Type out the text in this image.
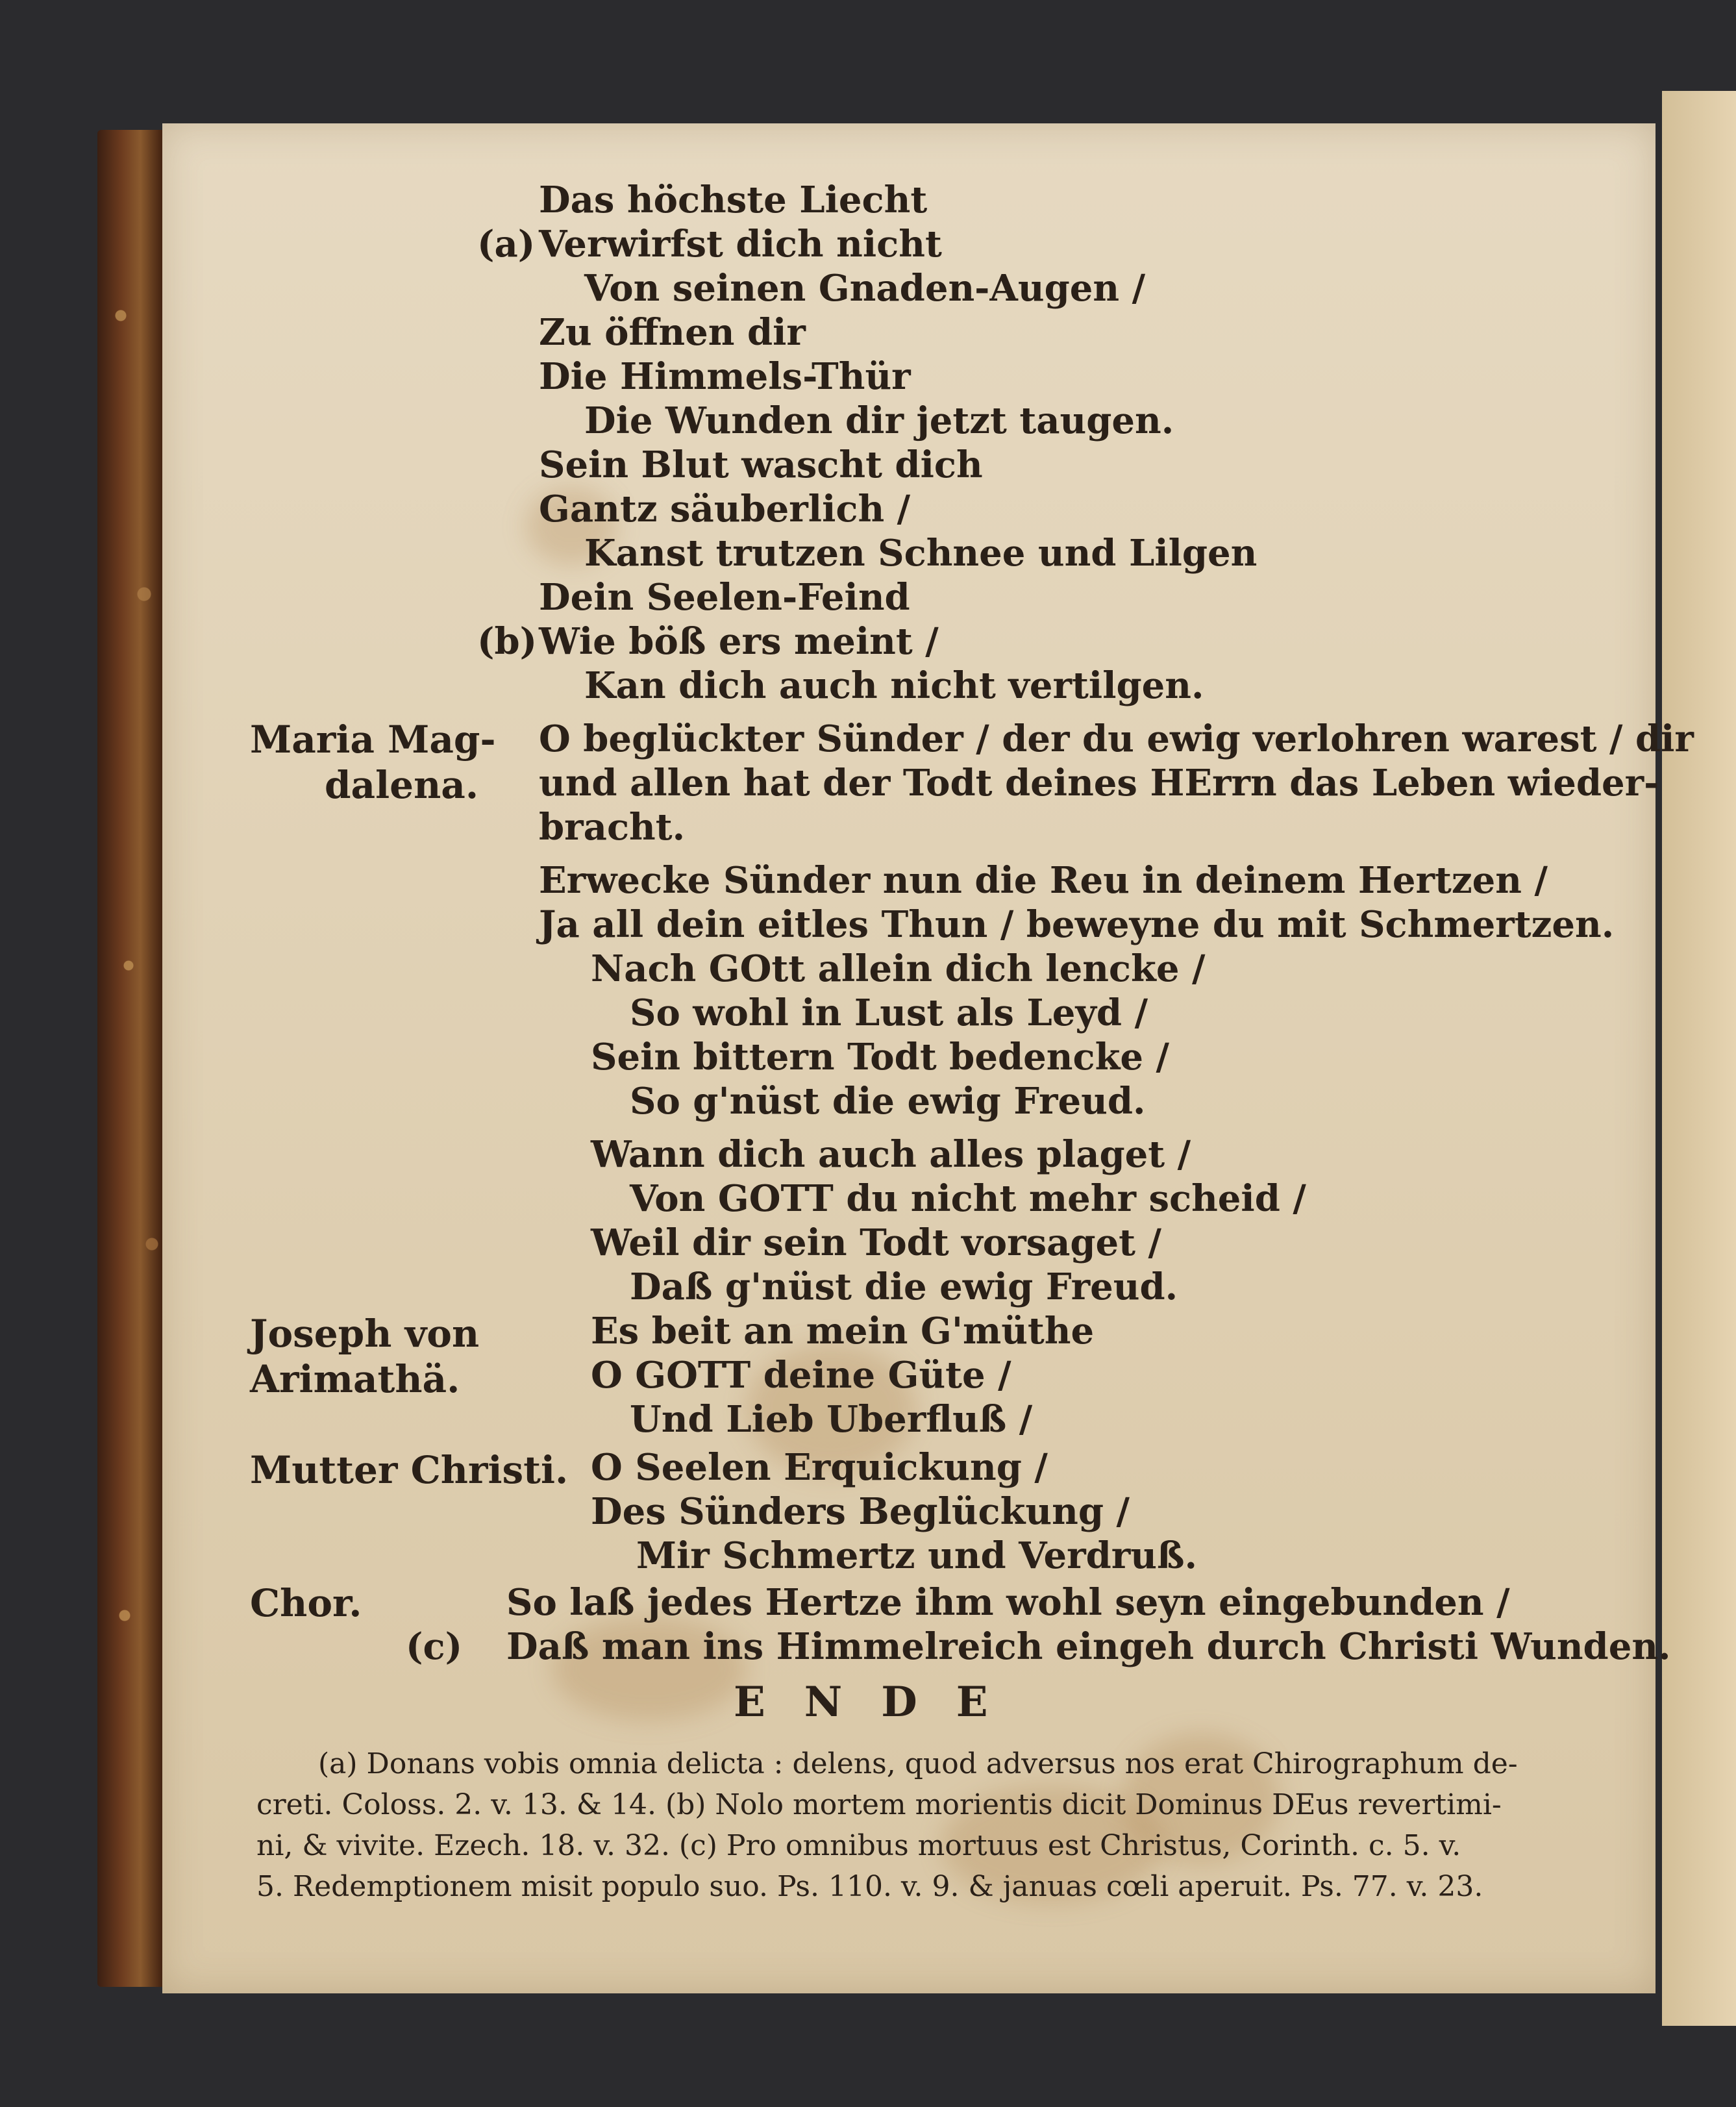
Das höchste Liecht
(a) Verwirfst dich nicht
Von seinen Gnaden-Augen /
Zu öffnen dir
Die Himmels-Thür
Die Wunden dir jetzt taugen.
Sein Blut wascht dich
Gantz säuberlich /
Kanst trutzen Schnee und Lilgen
Dein Seelen-Feind
(b) Wie böß ers meint /
Kan dich auch nicht vertilgen.
Maria Mag-
dalena.
O beglückter Sünder / der du ewig verlohren warest / dir
und allen hat der Todt deines HErrn das Leben wieder-
bracht.
Erwecke Sünder nun die Reu in deinem Hertzen /
Ja all dein eitles Thun / beweyne du mit Schmertzen.
Nach GOtt allein dich lencke /
So wohl in Lust als Leyd /
Sein bittern Todt bedencke /
So g'nüst die ewig Freud.
Wann dich auch alles plaget /
Von GOTT du nicht mehr scheid /
Weil dir sein Todt vorsaget /
Daß g'nüst die ewig Freud.
Joseph von
Arimathä.
Es beit an mein G'müthe
O GOTT deine Güte /
Und Lieb Uberfluß /
Mutter Christi. O Seelen Erquickung /
Des Sünders Beglückung /
Mir Schmertz und Verdruß.
Chor.	So laß jedes Hertze ihm wohl seyn eingebunden /
(c) Daß man ins Himmelreich eingeh durch Christi Wunden.
ENDE
(a) Donans vobis omnia delicta : delens, quod adversus nos erat Chirographum de-
creti. Coloss. 2. v. 13. & 14. (b) Nolo mortem morientis dicit Dominus DEus revertimi-
ni, & vivite. Ezech. 18. v. 32. (c) Pro omnibus mortuus est Christus, Corinth. c. 5. v.
5. Redemptionem misit populo suo. Ps. 110. v. 9. & januas cœli aperuit. Ps. 77. v. 23.
